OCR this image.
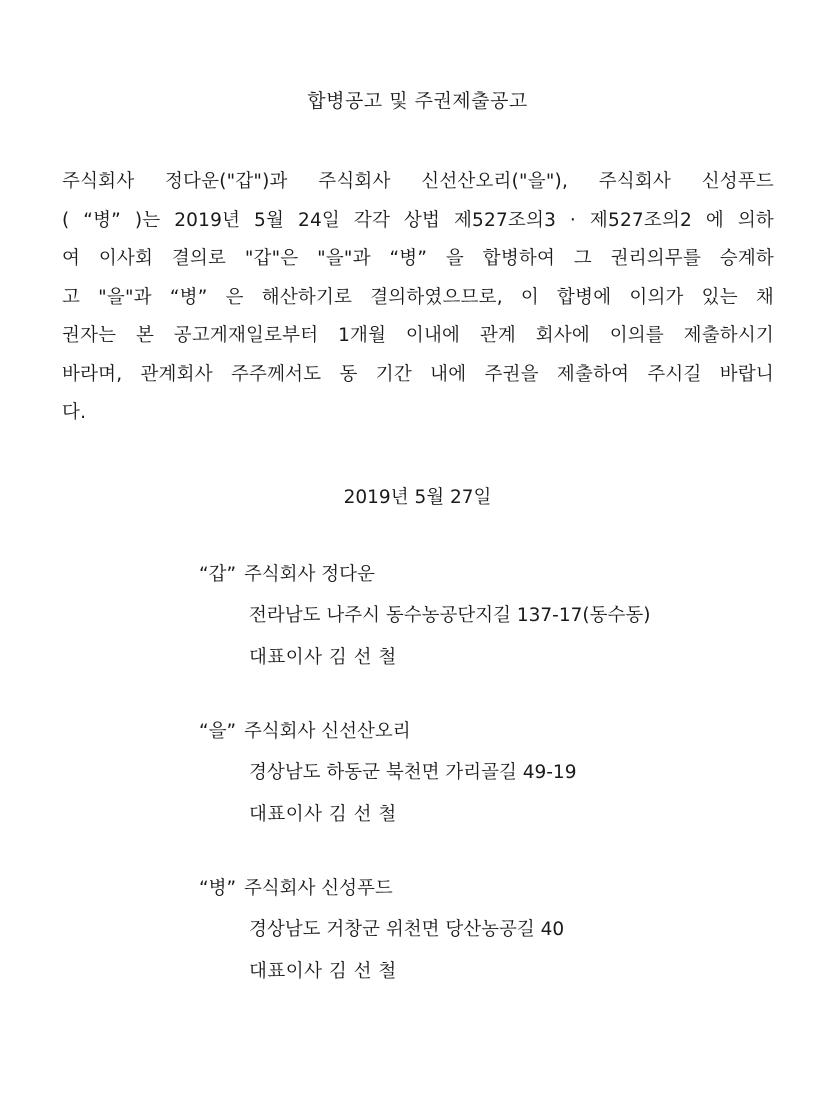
합병공고 및 주권제출공고
주식회사 정다운("갑")과 주식회사 신선산오리("을"), 주식회사 신성푸드
( “병” )는 2019년 5월 24일 각각 상법 제527조의3 · 제527조의2 에 의하
여 이사회 결의로 "갑"은 "을"과 “병” 을 합병하여 그 권리의무를 승계하
고 "을"과 “병” 은 해산하기로 결의하였으므로, 이 합병에 이의가 있는 채
권자는 본 공고게재일로부터 1개월 이내에 관계 회사에 이의를 제출하시기
바라며, 관계회사 주주께서도 동 기간 내에 주권을 제출하여 주시길 바랍니
다.
2019년 5월 27일
“갑” 주식회사 정다운
전라남도 나주시 동수농공단지길 137-17(동수동)
대표이사 김 선 철
“을” 주식회사 신선산오리
경상남도 하동군 북천면 가리골길 49-19
대표이사 김 선 철
“병” 주식회사 신성푸드
경상남도 거창군 위천면 당산농공길 40
대표이사 김 선 철
